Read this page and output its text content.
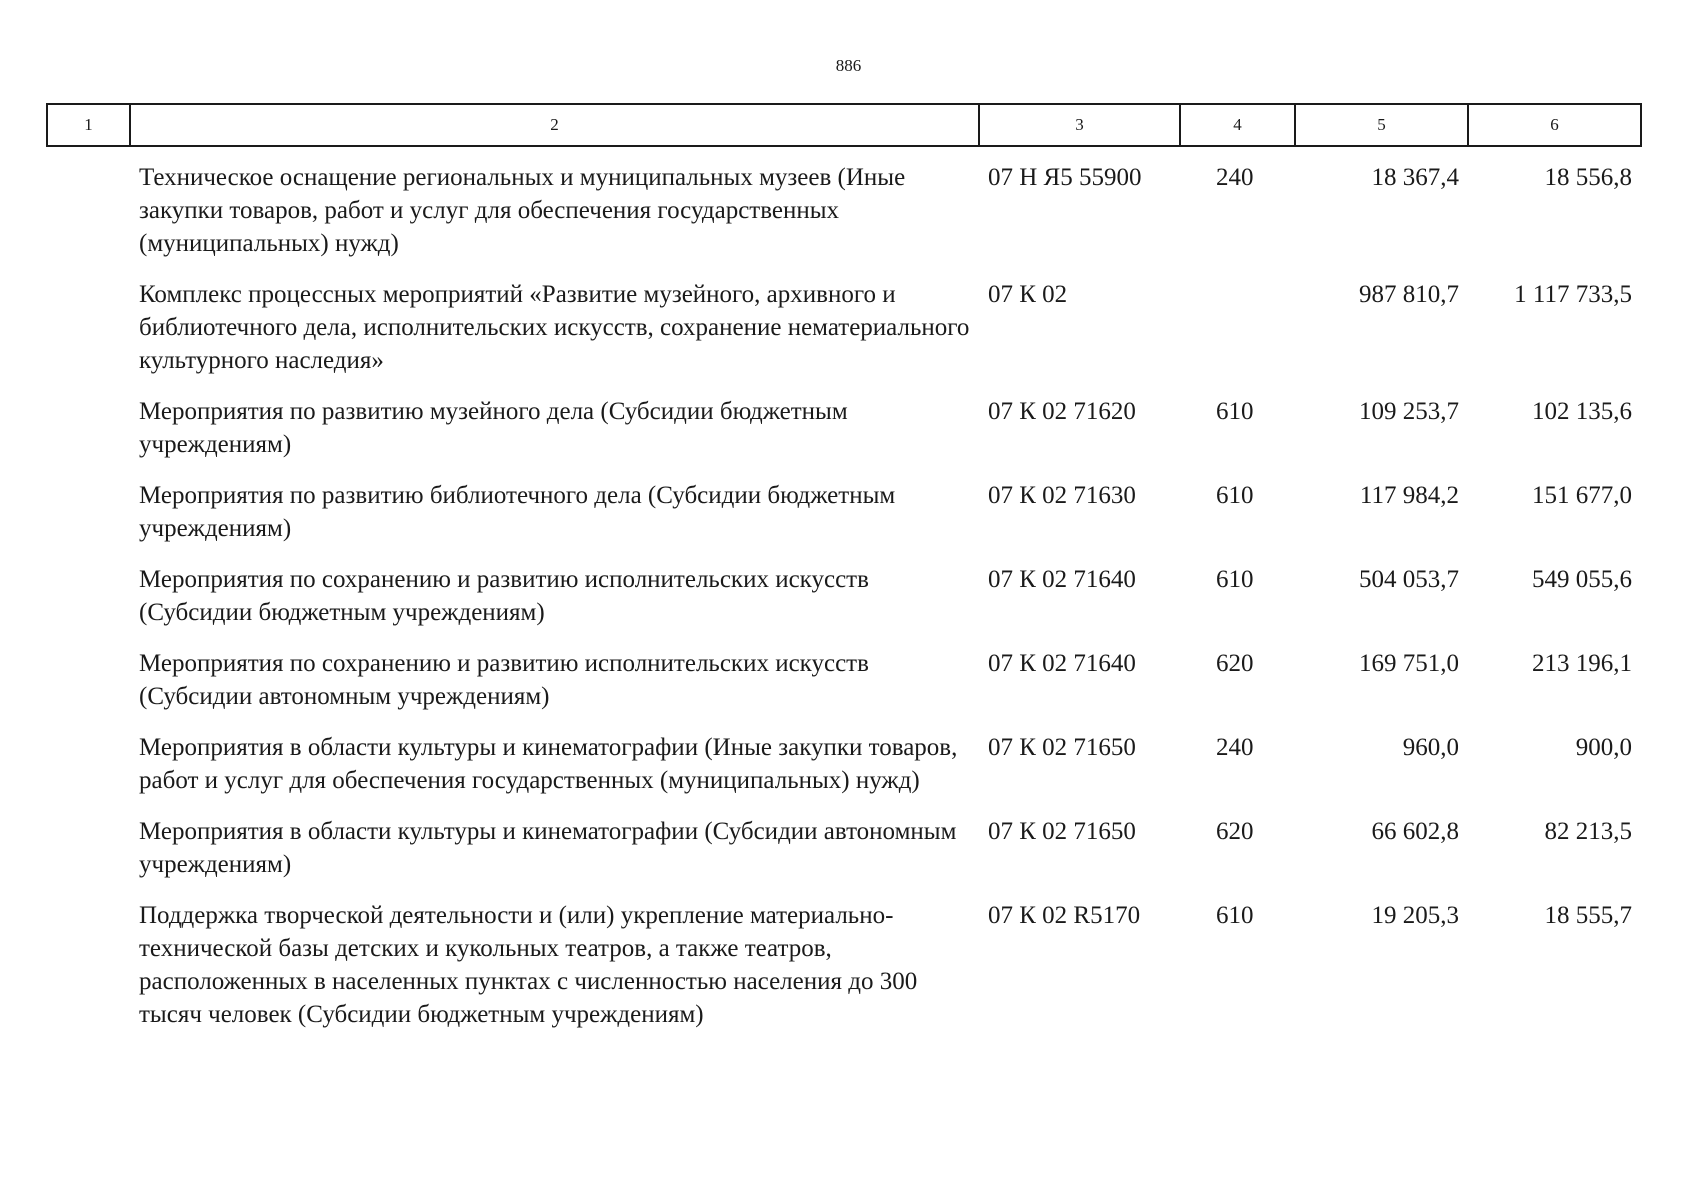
886
1	2	3	4	5	6
	Техническое оснащение региональных и муниципальных музеев (Иные закупки товаров, работ и услуг для обеспечения государственных (муниципальных) нужд)	07 Н Я5 55900	240	18 367,4	18 556,8
	Комплекс процессных мероприятий «Развитие музейного, архивного и библиотечного дела, исполнительских искусств, сохранение нематериального культурного наследия»	07 К 02		987 810,7	1 117 733,5
	Мероприятия по развитию музейного дела (Субсидии бюджетным учреждениям)	07 К 02 71620	610	109 253,7	102 135,6
	Мероприятия по развитию библиотечного дела (Субсидии бюджетным учреждениям)	07 К 02 71630	610	117 984,2	151 677,0
	Мероприятия по сохранению и развитию исполнительских искусств (Субсидии бюджетным учреждениям)	07 К 02 71640	610	504 053,7	549 055,6
	Мероприятия по сохранению и развитию исполнительских искусств (Субсидии автономным учреждениям)	07 К 02 71640	620	169 751,0	213 196,1
	Мероприятия в области культуры и кинематографии (Иные закупки товаров, работ и услуг для обеспечения государственных (муниципальных) нужд)	07 К 02 71650	240	960,0	900,0
	Мероприятия в области культуры и кинематографии (Субсидии автономным учреждениям)	07 К 02 71650	620	66 602,8	82 213,5
	Поддержка творческой деятельности и (или) укрепление материально-технической базы детских и кукольных театров, а также театров, расположенных в населенных пунктах с численностью населения до 300 тысяч человек (Субсидии бюджетным учреждениям)	07 К 02 R5170	610	19 205,3	18 555,7
